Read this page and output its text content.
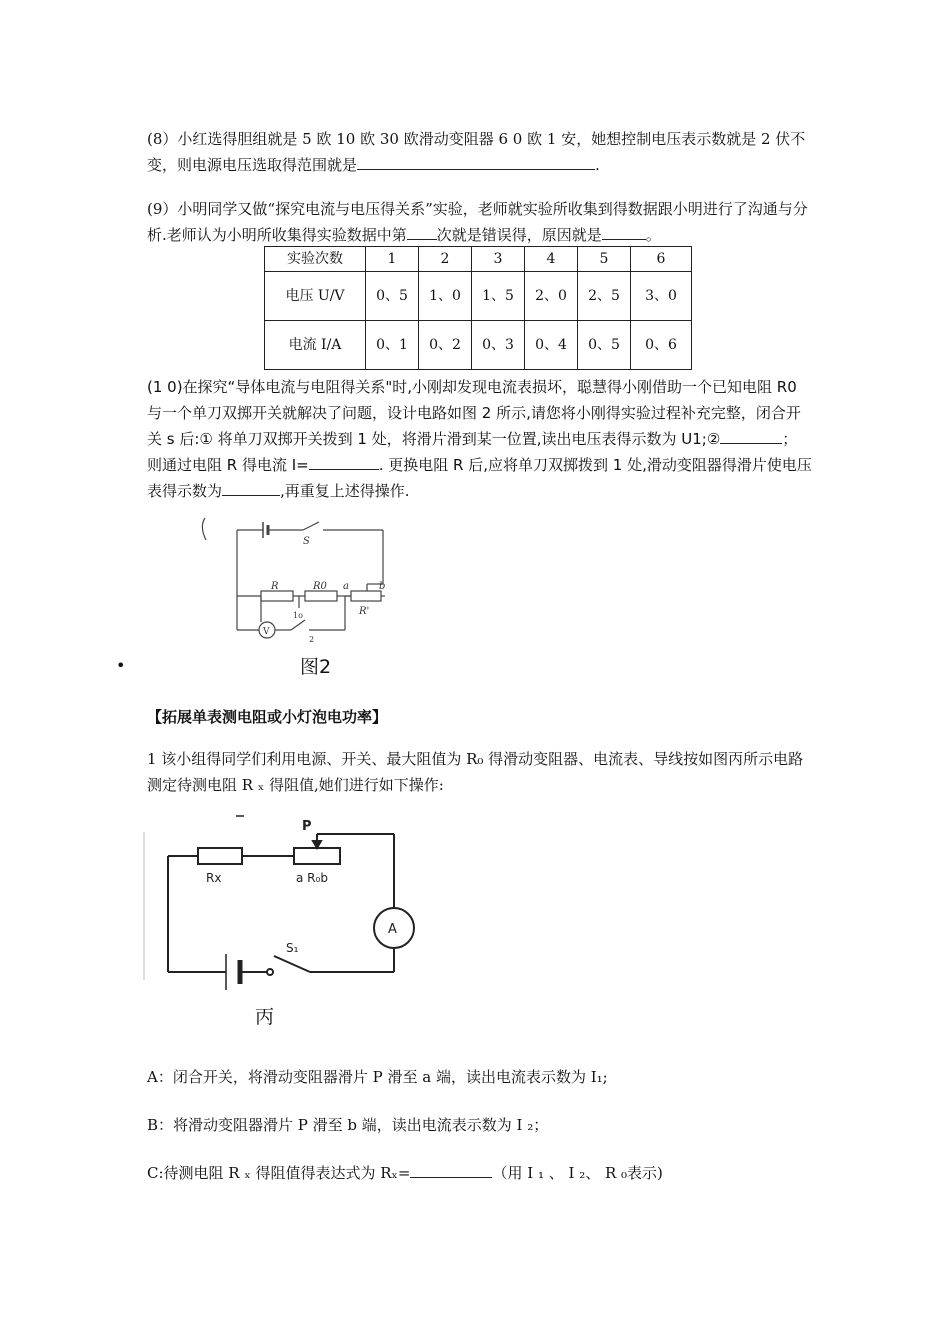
(8）小红选得胆组就是 5 欧 10 欧 30 欧滑动变阻器 6 0 欧 1 安，她想控制电压表示数就是 2 伏不变，则电源电压选取得范围就是	.

(9）小明同学又做“探究电流与电压得关系”实验，老师就实验所收集到得数据跟小明进行了沟通与分析.老师认为小明所收集得实验数据中第 次就是错误得，原因就是	。

实验次数	1	2	3	4	5	6
电压 U/V	0、5	1、0	1、5	2、0	2、5	3、0
电流 I/A	0、1	0、2	0、3	0、4	0、5	0、6

(1 0)在探究“导体电流与电阻得关系"时,小刚却发现电流表损坏，聪慧得小刚借助一个已知电阻 R0 与一个单刀双掷开关就解决了问题，设计电路如图 2 所示,请您将小刚得实验过程补充完整，闭合开关 s 后:① 将单刀双掷开关拨到 1 处，将滑片滑到某一位置,读出电压表得示数为 U1;②	；则通过电阻 R 得电流 I=	. 更换电阻 R 后,应将单刀双掷拨到 1 处,滑动变阻器得滑片使电压表得示数为	,再重复上述得操作.

S
R	R0 a	b
R'
V
1o
2
•	图2

【拓展单表测电阻或小灯泡电功率】

1 该小组得同学们利用电源、开关、最大阻值为 R₀ 得滑动变阻器、电流表、导线按如图丙所示电路测定待测电阻 R ₓ 得阻值,她们进行如下操作:

P
Rx	a R₀b
A
S₁
丙

A：闭合开关，将滑动变阻器滑片 P 滑至 a 端，读出电流表示数为 I₁;

B：将滑动变阻器滑片 P 滑至 b 端，读出电流表示数为 I ₂；

C:待测电阻 R ₓ 得阻值得表达式为 Rₓ=	（用 I ₁ 、 I ₂、 R ₀表示)
